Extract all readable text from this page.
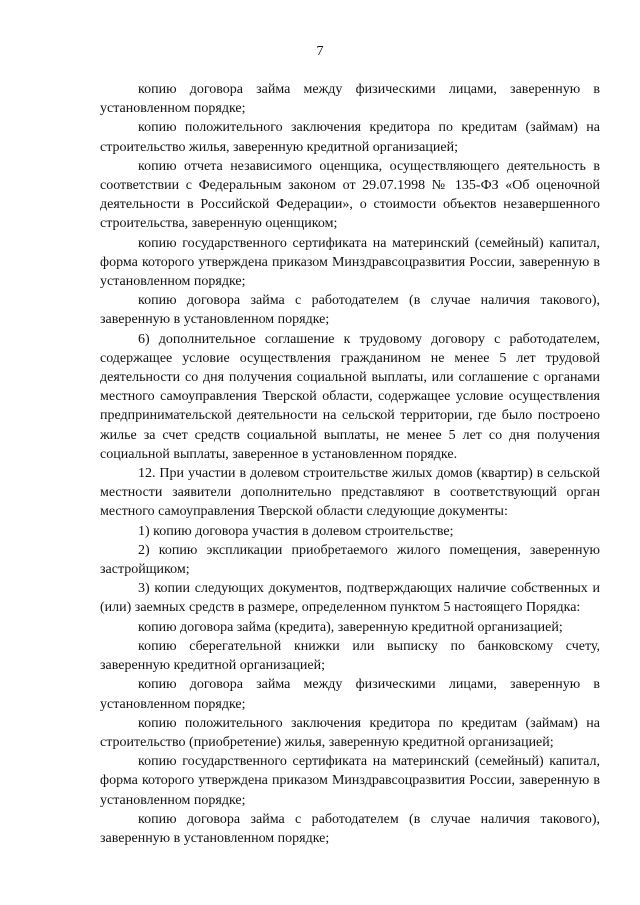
7

копию договора займа между физическими лицами, заверенную в установленном порядке;

копию положительного заключения кредитора по кредитам (займам) на строительство жилья, заверенную кредитной организацией;

копию отчета независимого оценщика, осуществляющего деятельность в соответствии с Федеральным законом от 29.07.1998 № 135-ФЗ «Об оценочной деятельности в Российской Федерации», о стоимости объектов незавершенного строительства, заверенную оценщиком;

копию государственного сертификата на материнский (семейный) капитал, форма которого утверждена приказом Минздравсоцразвития России, заверенную в установленном порядке;

копию договора займа с работодателем (в случае наличия такового), заверенную в установленном порядке;

6) дополнительное соглашение к трудовому договору с работодателем, содержащее условие осуществления гражданином не менее 5 лет трудовой деятельности со дня получения социальной выплаты, или соглашение с органами местного самоуправления Тверской области, содержащее условие осуществления предпринимательской деятельности на сельской территории, где было построено жилье за счет средств социальной выплаты, не менее 5 лет со дня получения социальной выплаты, заверенное в установленном порядке.

12. При участии в долевом строительстве жилых домов (квартир) в сельской местности заявители дополнительно представляют в соответствующий орган местного самоуправления Тверской области следующие документы:

1) копию договора участия в долевом строительстве;

2) копию экспликации приобретаемого жилого помещения, заверенную застройщиком;

3) копии следующих документов, подтверждающих наличие собственных и (или) заемных средств в размере, определенном пунктом 5 настоящего Порядка:

копию договора займа (кредита), заверенную кредитной организацией;

копию сберегательной книжки или выписку по банковскому счету, заверенную кредитной организацией;

копию договора займа между физическими лицами, заверенную в установленном порядке;

копию положительного заключения кредитора по кредитам (займам) на строительство (приобретение) жилья, заверенную кредитной организацией;

копию государственного сертификата на материнский (семейный) капитал, форма которого утверждена приказом Минздравсоцразвития России, заверенную в установленном порядке;

копию договора займа с работодателем (в случае наличия такового), заверенную в установленном порядке;
